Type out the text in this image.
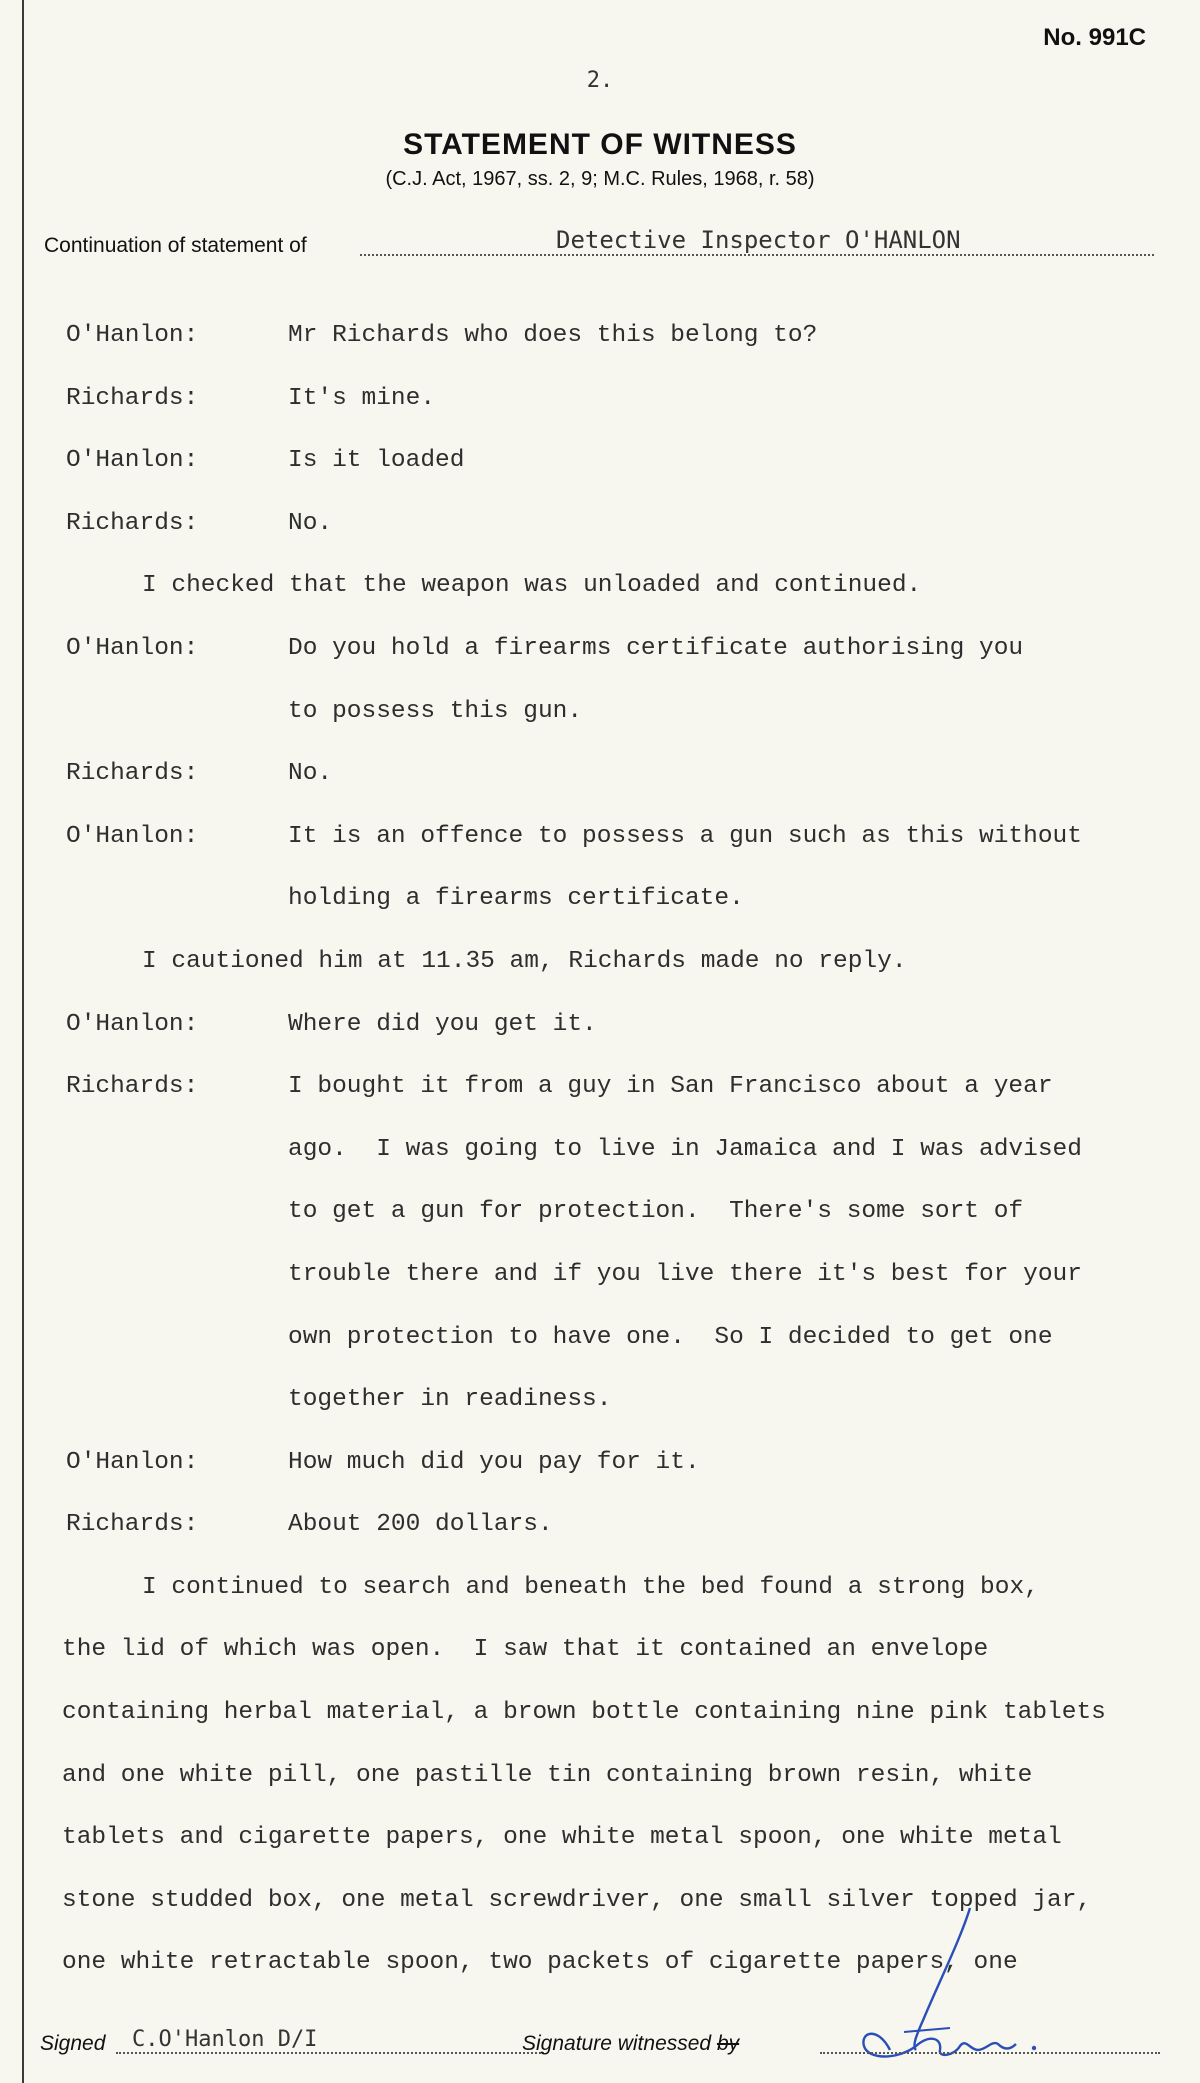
No. 991C
2.
STATEMENT OF WITNESS
(C.J. Act, 1967, ss. 2, 9; M.C. Rules, 1968, r. 58)
Continuation of statement of	Detective Inspector O'HANLON
O'Hanlon:	Mr Richards who does this belong to?
Richards:	It's mine.
O'Hanlon:	Is it loaded
Richards:	No.
I checked that the weapon was unloaded and continued.
O'Hanlon:	Do you hold a firearms certificate authorising you
to possess this gun.
Richards:	No.
O'Hanlon:	It is an offence to possess a gun such as this without
holding a firearms certificate.
I cautioned him at 11.35 am, Richards made no reply.
O'Hanlon:	Where did you get it.
Richards:	I bought it from a guy in San Francisco about a year
ago.  I was going to live in Jamaica and I was advised
to get a gun for protection.  There's some sort of
trouble there and if you live there it's best for your
own protection to have one.  So I decided to get one
together in readiness.
O'Hanlon:	How much did you pay for it.
Richards:	About 200 dollars.
I continued to search and beneath the bed found a strong box,
the lid of which was open.  I saw that it contained an envelope
containing herbal material, a brown bottle containing nine pink tablets
and one white pill, one pastille tin containing brown resin, white
tablets and cigarette papers, one white metal spoon, one white metal
stone studded box, one metal screwdriver, one small silver topped jar,
one white retractable spoon, two packets of cigarette papers, one
Signed C.O'Hanlon D/I	Signature witnessed by
